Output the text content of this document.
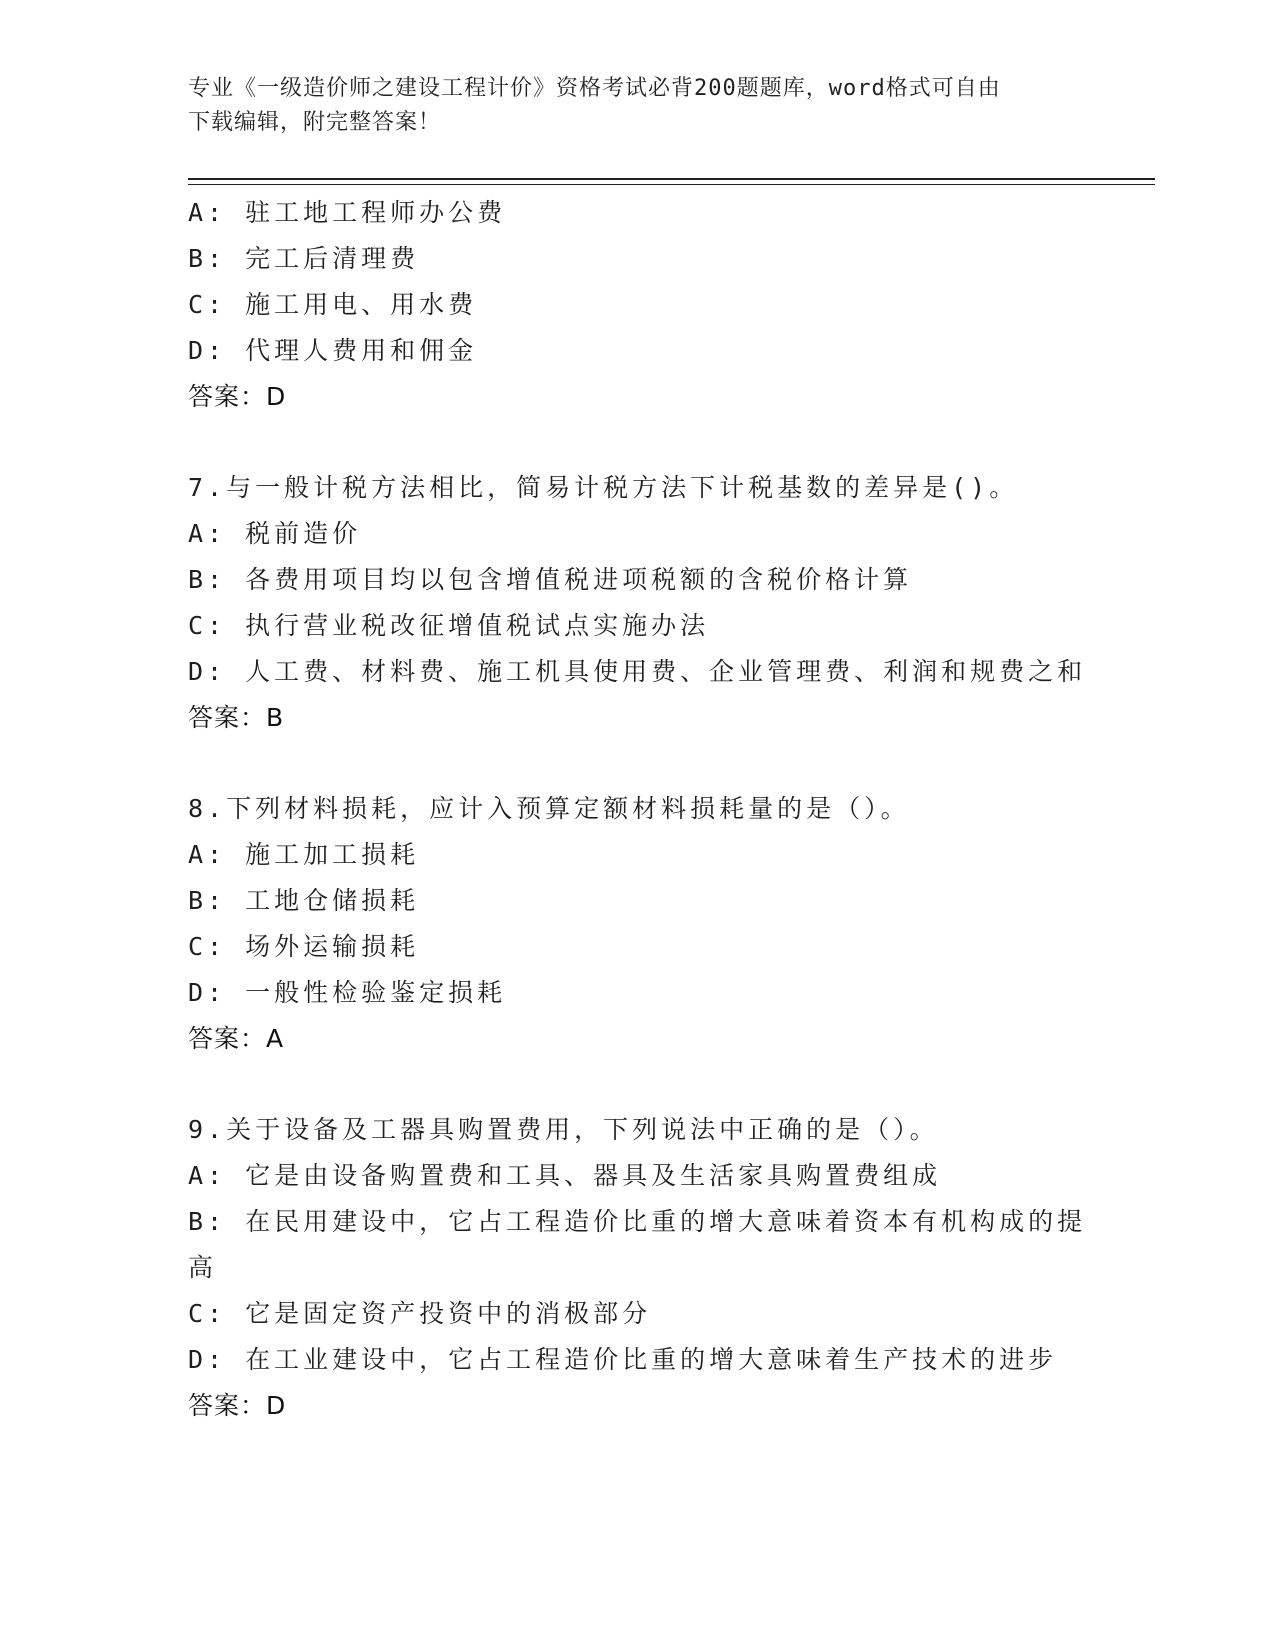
专业《一级造价师之建设工程计价》资格考试必背200题题库，word格式可自由
下载编辑，附完整答案！
A: 驻工地工程师办公费
B: 完工后清理费
C: 施工用电、用水费
D: 代理人费用和佣金
答案：D
7.与一般计税方法相比，简易计税方法下计税基数的差异是()。
A: 税前造价
B: 各费用项目均以包含增值税进项税额的含税价格计算
C: 执行营业税改征增值税试点实施办法
D: 人工费、材料费、施工机具使用费、企业管理费、利润和规费之和
答案：B
8.下列材料损耗，应计入预算定额材料损耗量的是（）。
A: 施工加工损耗
B: 工地仓储损耗
C: 场外运输损耗
D: 一般性检验鉴定损耗
答案：A
9.关于设备及工器具购置费用，下列说法中正确的是（）。
A: 它是由设备购置费和工具、器具及生活家具购置费组成
B: 在民用建设中，它占工程造价比重的增大意味着资本有机构成的提
高
C: 它是固定资产投资中的消极部分
D: 在工业建设中，它占工程造价比重的增大意味着生产技术的进步
答案：D
